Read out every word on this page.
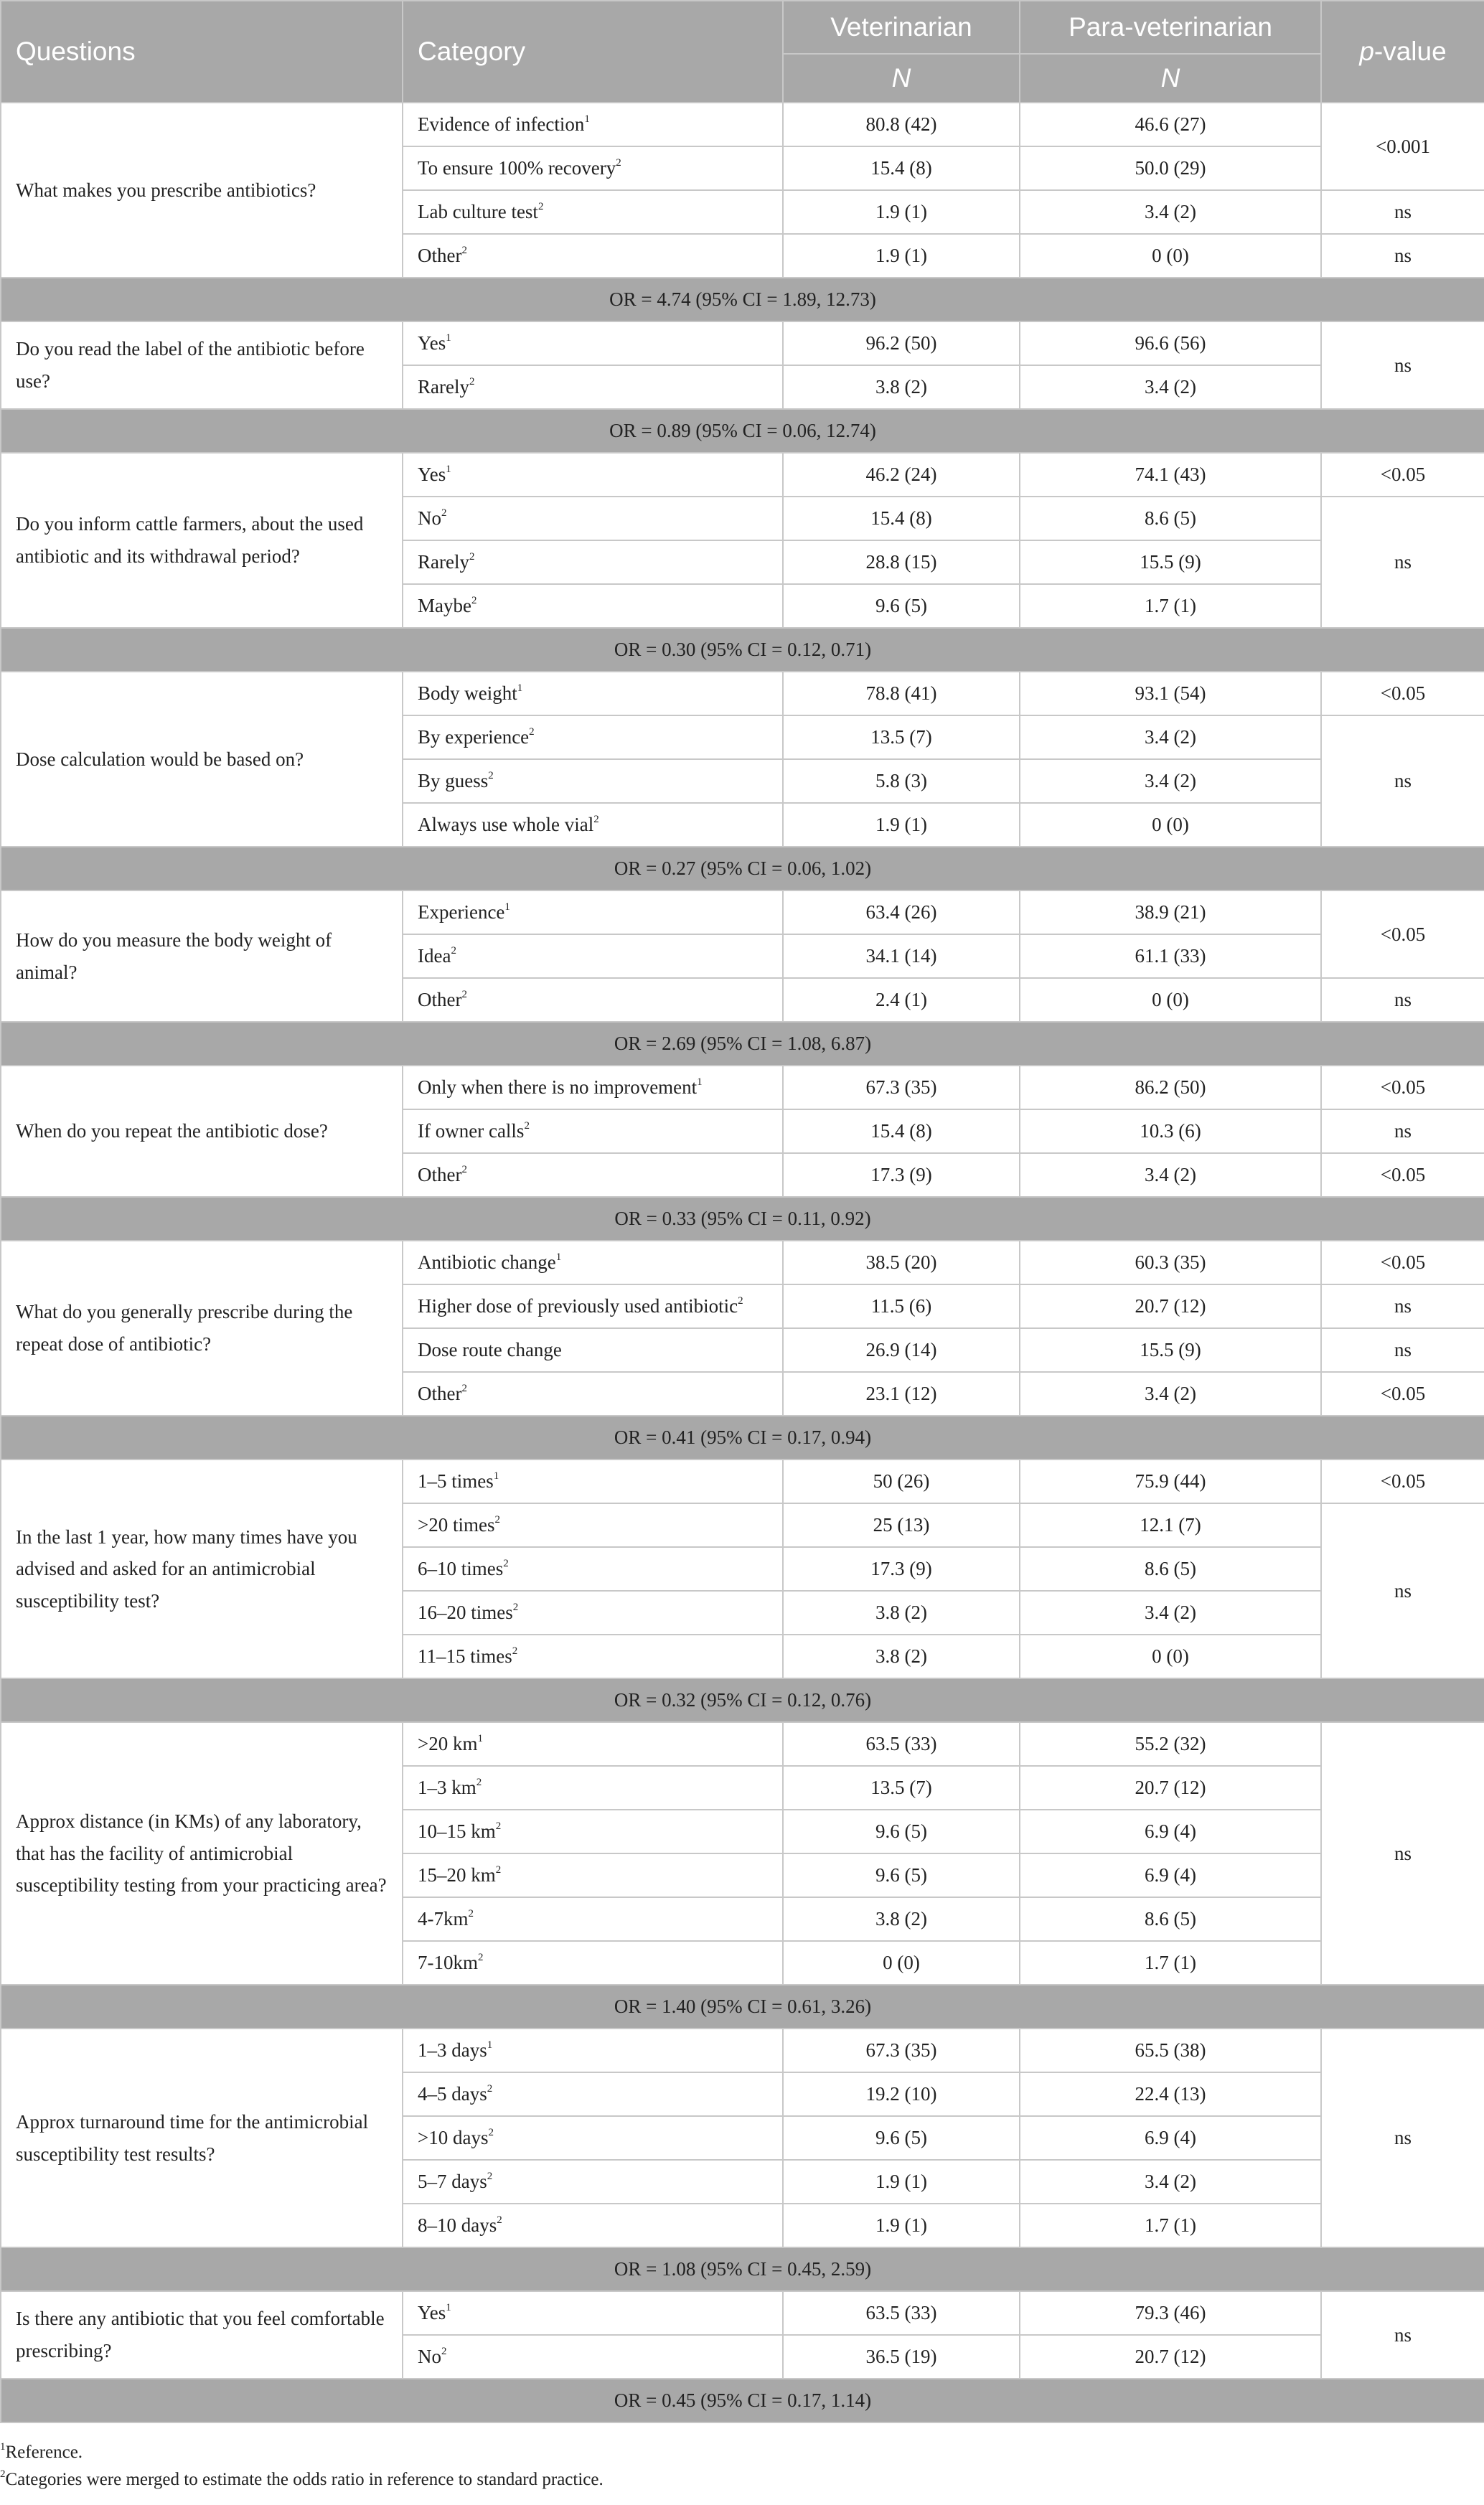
Questions	Category	Veterinarian	Para-veterinarian	p-value
		N	N	
What makes you prescribe antibiotics?	Evidence of infection$^1$	80.8 (42)	46.6 (27)	<0.001
	To ensure 100% recovery$^2$	15.4 (8)	50.0 (29)	
	Lab culture test$^2$	1.9 (1)	3.4 (2)	ns
	Other$^2$	1.9 (1)	0 (0)	ns
OR = 4.74 (95% CI = 1.89, 12.73)				
Do you read the label of the antibiotic before use?	Yes$^1$	96.2 (50)	96.6 (56)	ns
	Rarely$^2$	3.8 (2)	3.4 (2)	
OR = 0.89 (95% CI = 0.06, 12.74)				
Do you inform cattle farmers, about the used antibiotic and its withdrawal period?	Yes$^1$	46.2 (24)	74.1 (43)	<0.05
	No$^2$	15.4 (8)	8.6 (5)	ns
	Rarely$^2$	28.8 (15)	15.5 (9)	
	Maybe$^2$	9.6 (5)	1.7 (1)	
OR = 0.30 (95% CI = 0.12, 0.71)				
Dose calculation would be based on?	Body weight$^1$	78.8 (41)	93.1 (54)	<0.05
	By experience$^2$	13.5 (7)	3.4 (2)	ns
	By guess$^2$	5.8 (3)	3.4 (2)	
	Always use whole vial$^2$	1.9 (1)	0 (0)	
OR = 0.27 (95% CI = 0.06, 1.02)				
How do you measure the body weight of animal?	Experience$^1$	63.4 (26)	38.9 (21)	<0.05
	Idea$^2$	34.1 (14)	61.1 (33)	
	Other$^2$	2.4 (1)	0 (0)	ns
OR = 2.69 (95% CI = 1.08, 6.87)				
When do you repeat the antibiotic dose?	Only when there is no improvement$^1$	67.3 (35)	86.2 (50)	<0.05
	If owner calls$^2$	15.4 (8)	10.3 (6)	ns
	Other$^2$	17.3 (9)	3.4 (2)	<0.05
OR = 0.33 (95% CI = 0.11, 0.92)				
What do you generally prescribe during the repeat dose of antibiotic?	Antibiotic change$^1$	38.5 (20)	60.3 (35)	<0.05
	Higher dose of previously used antibiotic$^2$	11.5 (6)	20.7 (12)	ns
	Dose route change	26.9 (14)	15.5 (9)	ns
	Other$^2$	23.1 (12)	3.4 (2)	<0.05
OR = 0.41 (95% CI = 0.17, 0.94)				
In the last 1 year, how many times have you advised and asked for an antimicrobial susceptibility test?	1–5 times$^1$	50 (26)	75.9 (44)	<0.05
	>20 times$^2$	25 (13)	12.1 (7)	ns
	6–10 times$^2$	17.3 (9)	8.6 (5)	
	16–20 times$^2$	3.8 (2)	3.4 (2)	
	11–15 times$^2$	3.8 (2)	0 (0)	
OR = 0.32 (95% CI = 0.12, 0.76)				
Approx distance (in KMs) of any laboratory, that has the facility of antimicrobial susceptibility testing from your practicing area?	>20 $km^1$	63.5 (33)	55.2 (32)	ns
	1–3 $km^2$	13.5 (7)	20.7 (12)	
	10–15 $km^2$	9.6 (5)	6.9 (4)	
	15–20 $km^2$	9.6 (5)	6.9 (4)	
	$4-7km^2$	3.8 (2)	8.6 (5)	
	$7-10km^2$	0 (0)	1.7 (1)	
OR = 1.40 (95% CI = 0.61, 3.26)				
Approx turnaround time for the antimicrobial susceptibility test results?	1–3 days$^1$	67.3 (35)	65.5 (38)	ns
	4–5 days$^2$	19.2 (10)	22.4 (13)	
	>10 days$^2$	9.6 (5)	6.9 (4)	
	5–7 days$^2$	1.9 (1)	3.4 (2)	
	8–10 days$^2$	1.9 (1)	1.7 (1)	
OR = 1.08 (95% CI = 0.45, 2.59)				
Is there any antibiotic that you feel comfortable prescribing?	Yes$^1$	63.5 (33)	79.3 (46)	ns
	No$^2$	36.5 (19)	20.7 (12)	
OR = 0.45 (95% CI = 0.17, 1.14)				
$^1$Reference.
$^2$Categories were merged to estimate the odds ratio in reference to standard practice.
